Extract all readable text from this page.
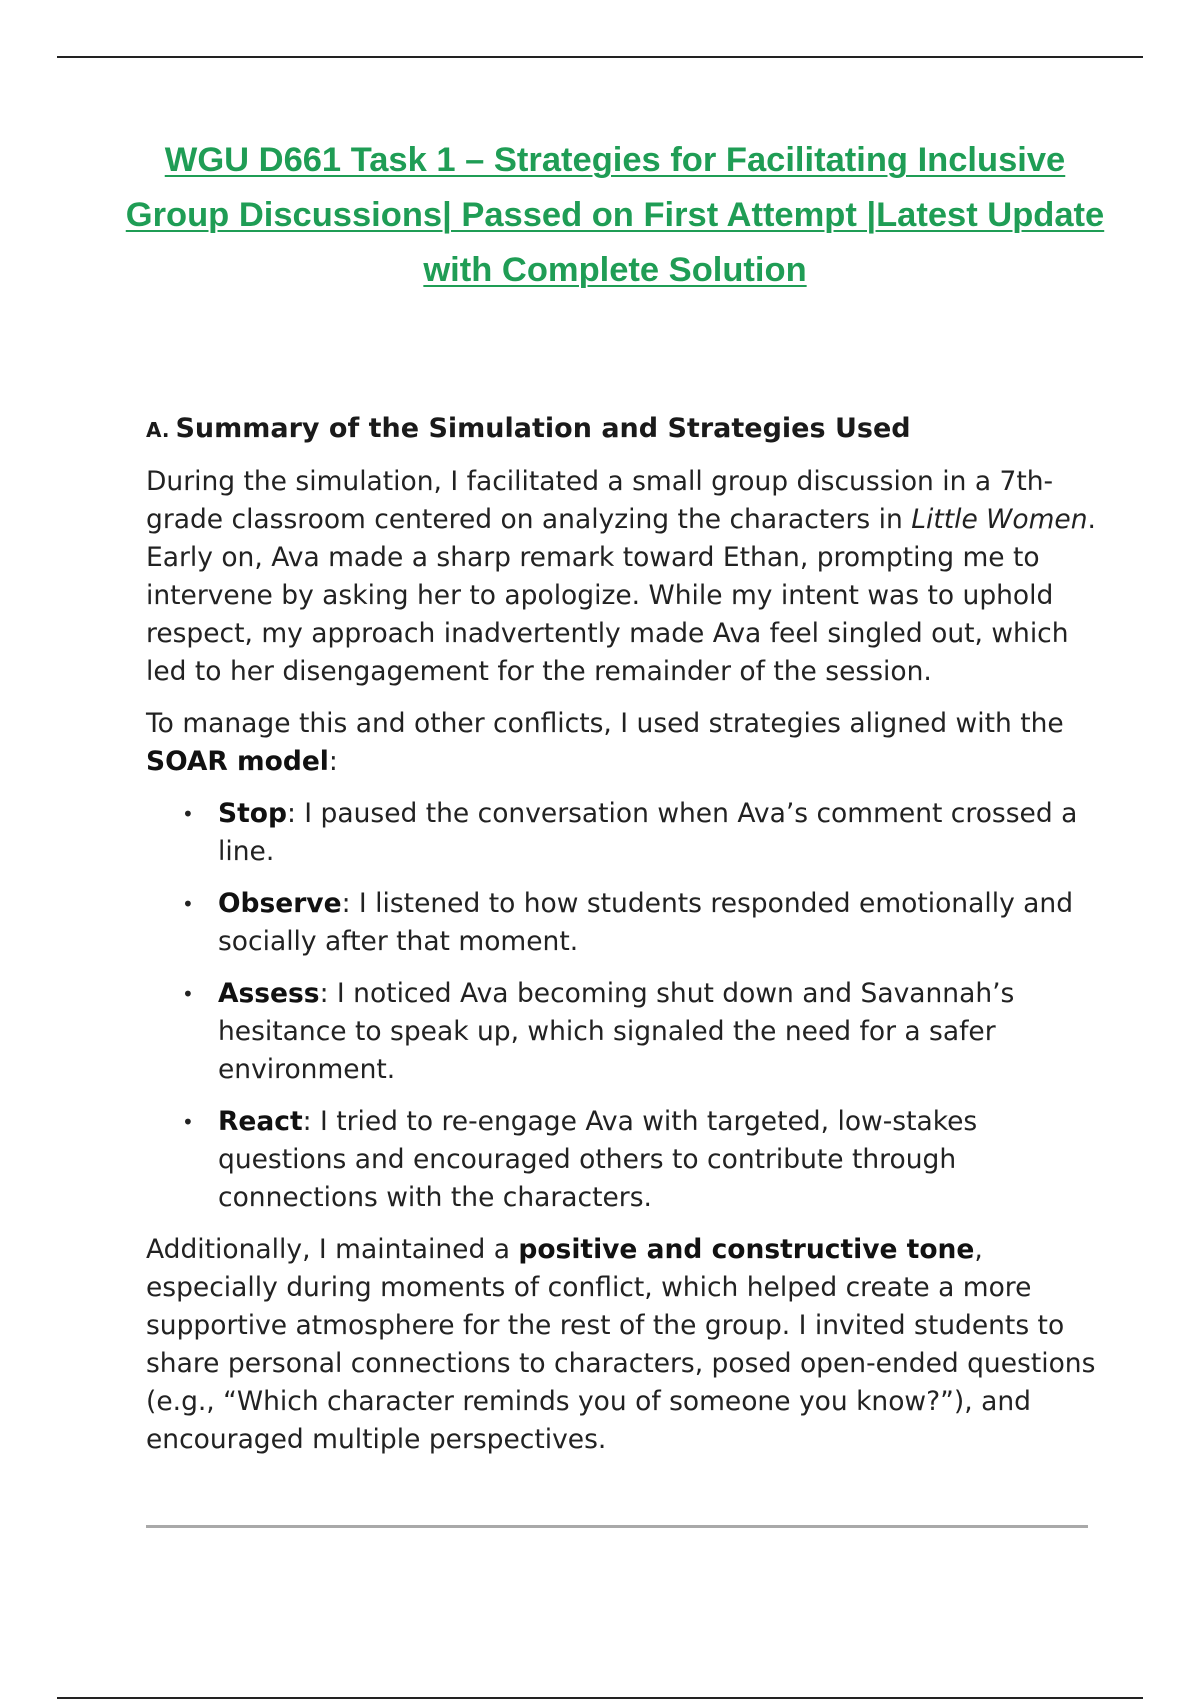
WGU D661 Task 1 – Strategies for Facilitating Inclusive Group Discussions| Passed on First Attempt |Latest Update with Complete Solution
A. Summary of the Simulation and Strategies Used

During the simulation, I facilitated a small group discussion in a 7th-grade classroom centered on analyzing the characters in Little Women. Early on, Ava made a sharp remark toward Ethan, prompting me to intervene by asking her to apologize. While my intent was to uphold respect, my approach inadvertently made Ava feel singled out, which led to her disengagement for the remainder of the session.

To manage this and other conflicts, I used strategies aligned with the SOAR model:

• Stop: I paused the conversation when Ava’s comment crossed a line.
• Observe: I listened to how students responded emotionally and socially after that moment.
• Assess: I noticed Ava becoming shut down and Savannah’s hesitance to speak up, which signaled the need for a safer environment.
• React: I tried to re-engage Ava with targeted, low-stakes questions and encouraged others to contribute through connections with the characters.

Additionally, I maintained a positive and constructive tone, especially during moments of conflict, which helped create a more supportive atmosphere for the rest of the group. I invited students to share personal connections to characters, posed open-ended questions (e.g., “Which character reminds you of someone you know?”), and encouraged multiple perspectives.
